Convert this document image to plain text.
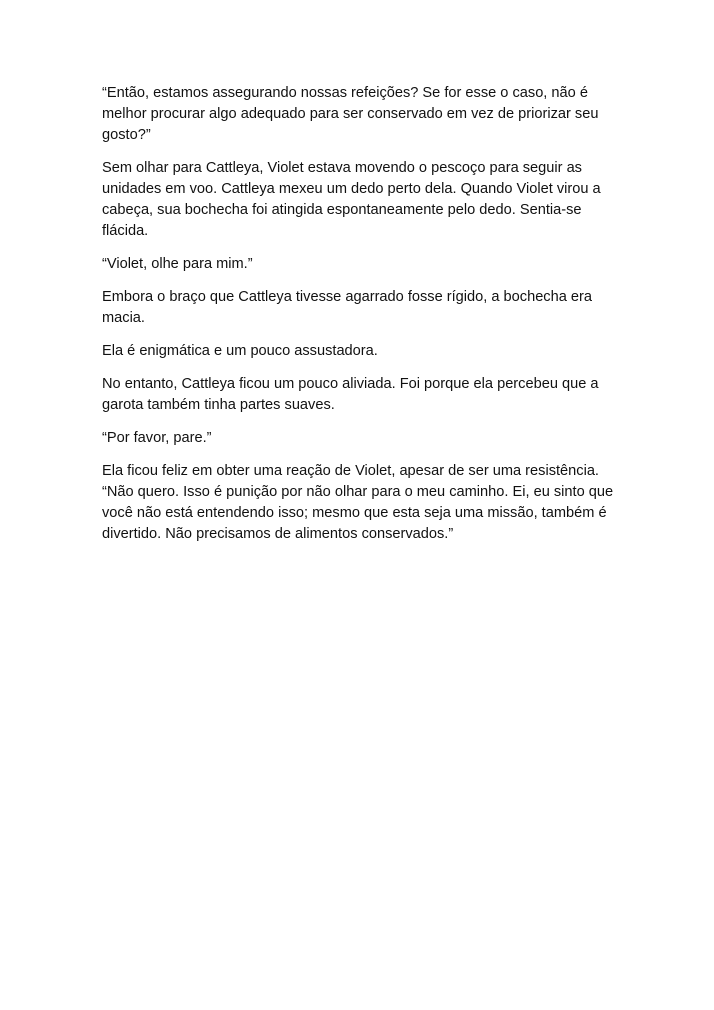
“Então, estamos assegurando nossas refeições? Se for esse o caso, não é
melhor procurar algo adequado para ser conservado em vez de priorizar seu
gosto?”

Sem olhar para Cattleya, Violet estava movendo o pescoço para seguir as
unidades em voo. Cattleya mexeu um dedo perto dela. Quando Violet virou a
cabeça, sua bochecha foi atingida espontaneamente pelo dedo. Sentia-se
flácida.

“Violet, olhe para mim.”

Embora o braço que Cattleya tivesse agarrado fosse rígido, a bochecha era
macia.

Ela é enigmática e um pouco assustadora.

No entanto, Cattleya ficou um pouco aliviada. Foi porque ela percebeu que a
garota também tinha partes suaves.

“Por favor, pare.”

Ela ficou feliz em obter uma reação de Violet, apesar de ser uma resistência.
“Não quero. Isso é punição por não olhar para o meu caminho. Ei, eu sinto que
você não está entendendo isso; mesmo que esta seja uma missão, também é
divertido. Não precisamos de alimentos conservados.”
